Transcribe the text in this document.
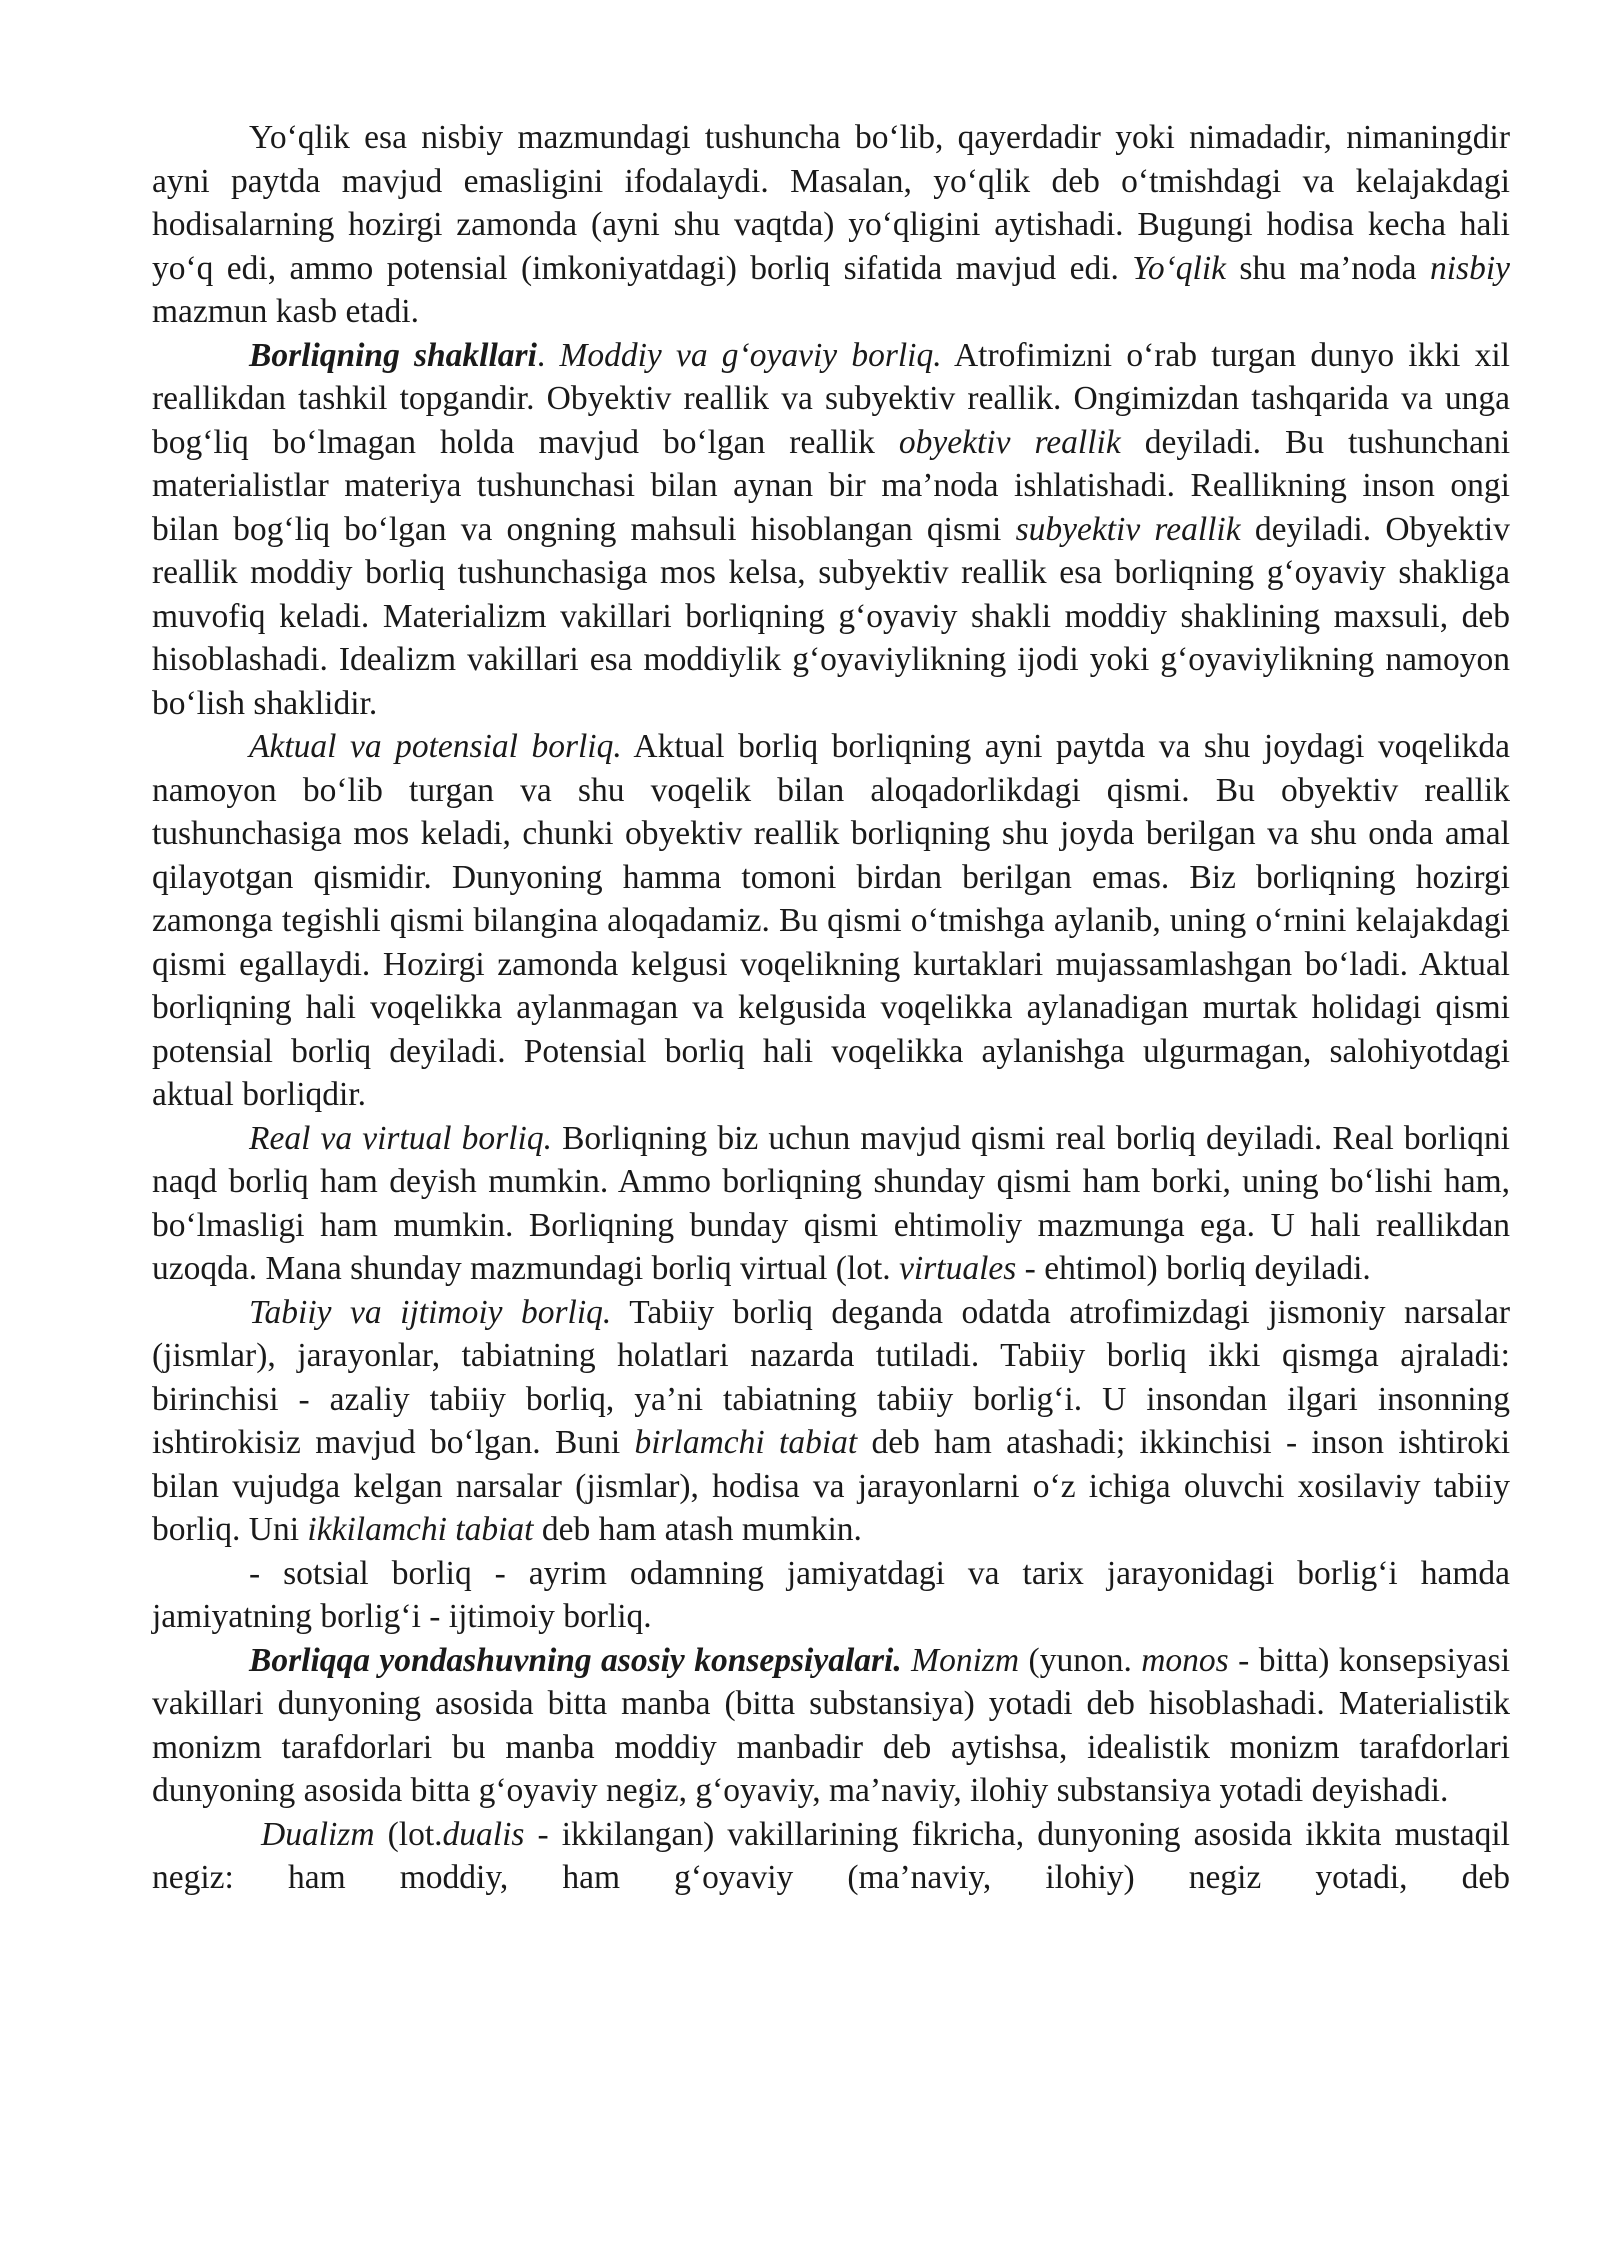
Yo‘qlik esa nisbiy mazmundagi tushuncha bo‘lib, qayerdadir yoki nimadadir, nimaningdir ayni paytda mavjud emasligini ifodalaydi. Masalan, yo‘qlik deb o‘tmishdagi va kelajakdagi hodisalarning hozirgi zamonda (ayni shu vaqtda) yo‘qligini aytishadi. Bugungi hodisa kecha hali yo‘q edi, ammo potensial (imkoniyatdagi) borliq sifatida mavjud edi. Yo‘qlik shu ma’noda nisbiy mazmun kasb etadi.

Borliqning shakllari. Moddiy va g‘oyaviy borliq. Atrofimizni o‘rab turgan dunyo ikki xil reallikdan tashkil topgandir. Obyektiv reallik va subyektiv reallik. Ongimizdan tashqarida va unga bog‘liq bo‘lmagan holda mavjud bo‘lgan reallik obyektiv reallik deyiladi. Bu tushunchani materialistlar materiya tushunchasi bilan aynan bir ma’noda ishlatishadi. Reallikning inson ongi bilan bog‘liq bo‘lgan va ongning mahsuli hisoblangan qismi subyektiv reallik deyiladi. Obyektiv reallik moddiy borliq tushunchasiga mos kelsa, subyektiv reallik esa borliqning g‘oyaviy shakliga muvofiq keladi. Materializm vakillari borliqning g‘oyaviy shakli moddiy shaklining maxsuli, deb hisoblashadi. Idealizm vakillari esa moddiylik g‘oyaviylikning ijodi yoki g‘oyaviylikning namoyon bo‘lish shaklidir.

Aktual va potensial borliq. Aktual borliq borliqning ayni paytda va shu joydagi voqelikda namoyon bo‘lib turgan va shu voqelik bilan aloqadorlikdagi qismi. Bu obyektiv reallik tushunchasiga mos keladi, chunki obyektiv reallik borliqning shu joyda berilgan va shu onda amal qilayotgan qismidir. Dunyoning hamma tomoni birdan berilgan emas. Biz borliqning hozirgi zamonga tegishli qismi bilangina aloqadamiz. Bu qismi o‘tmishga aylanib, uning o‘rnini kelajakdagi qismi egallaydi. Hozirgi zamonda kelgusi voqelikning kurtaklari mujassamlashgan bo‘ladi. Aktual borliqning hali voqelikka aylanmagan va kelgusida voqelikka aylanadigan murtak holidagi qismi potensial borliq deyiladi. Potensial borliq hali voqelikka aylanishga ulgurmagan, salohiyotdagi aktual borliqdir.

Real va virtual borliq. Borliqning biz uchun mavjud qismi real borliq deyiladi. Real borliqni naqd borliq ham deyish mumkin. Ammo borliqning shunday qismi ham borki, uning bo‘lishi ham, bo‘lmasligi ham mumkin. Borliqning bunday qismi ehtimoliy mazmunga ega. U hali reallikdan uzoqda. Mana shunday mazmundagi borliq virtual (lot. virtuales - ehtimol) borliq deyiladi.

Tabiiy va ijtimoiy borliq. Tabiiy borliq deganda odatda atrofimizdagi jismoniy narsalar (jismlar), jarayonlar, tabiatning holatlari nazarda tutiladi. Tabiiy borliq ikki qismga ajraladi: birinchisi - azaliy tabiiy borliq, ya’ni tabiatning tabiiy borlig‘i. U insondan ilgari insonning ishtirokisiz mavjud bo‘lgan. Buni birlamchi tabiat deb ham atashadi; ikkinchisi - inson ishtiroki bilan vujudga kelgan narsalar (jismlar), hodisa va jarayonlarni o‘z ichiga oluvchi xosilaviy tabiiy borliq. Uni ikkilamchi tabiat deb ham atash mumkin.

- sotsial borliq - ayrim odamning jamiyatdagi va tarix jarayonidagi borlig‘i hamda jamiyatning borlig‘i - ijtimoiy borliq.

Borliqqa yondashuvning asosiy konsepsiyalari. Monizm (yunon. monos - bitta) konsepsiyasi vakillari dunyoning asosida bitta manba (bitta substansiya) yotadi deb hisoblashadi. Materialistik monizm tarafdorlari bu manba moddiy manbadir deb aytishsa, idealistik monizm tarafdorlari dunyoning asosida bitta g‘oyaviy negiz, g‘oyaviy, ma’naviy, ilohiy substansiya yotadi deyishadi.

Dualizm (lot.dualis - ikkilangan) vakillarining fikricha, dunyoning asosida ikkita mustaqil negiz: ham moddiy, ham g‘oyaviy (ma’naviy, ilohiy) negiz yotadi, deb
